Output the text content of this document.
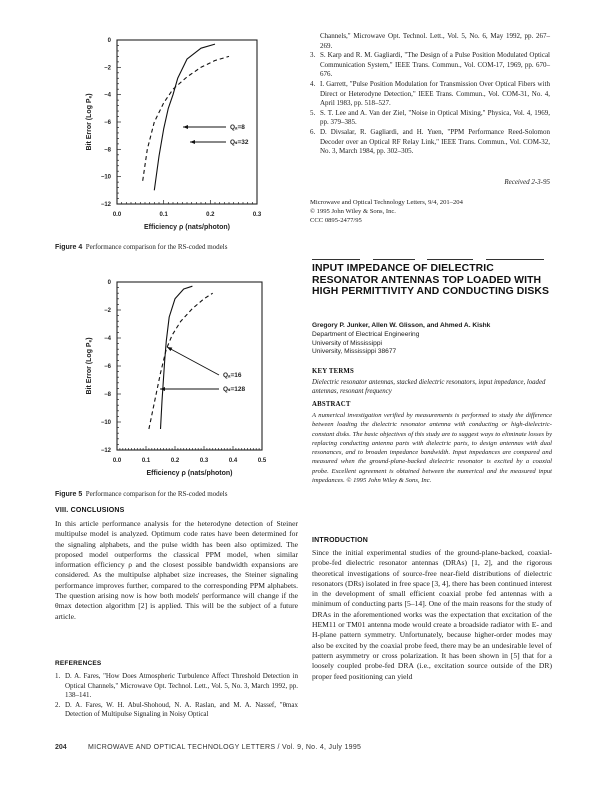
0.0	0.1	0.2	0.3
0
−2
−4
−6
−8
−10
−12
Efficiency ρ (nats/photon)
Bit Error (Log Pₑ)	Qₐ=8
Qₛ=32
Figure 4 Performance comparison for the RS-coded models
0.0	0.1	0.2	0.3	0.4	0.5
0
−2
−4
−6
−8
−10
−12
Efficiency ρ (nats/photon)
Bit Error (Log Pₑ)	Qₐ=16
Qₛ=128
Figure 5 Performance comparison for the RS-coded models
VIII. CONCLUSIONS

In this article performance analysis for the heterodyne detection of Steiner multipulse model is analyzed. Optimum code rates have been determined for the signaling alphabets, and the pulse width has been also optimized. The proposed model outperforms the classical PPM model, when similar information efficiency ρ and the closest possible bandwidth expansions are considered. As the multipulse alphabet size increases, the Steiner signaling performance improves further, compared to the corresponding PPM alphabets. The question arising now is how both models' performance will change if the θmax detection algorithm [2] is applied. This will be the subject of a future article.

REFERENCES
1. D. A. Fares, "How Does Atmospheric Turbulence Affect Threshold Detection in Optical Channels," Microwave Opt. Technol. Lett., Vol. 5, No. 3, March 1992, pp. 138–141.
2. D. A. Fares, W. H. Abul-Shohoud, N. A. Raslan, and M. A. Nassef, "θmax Detection of Multipulse Signaling in Noisy Optical
Channels," Microwave Opt. Technol. Lett., Vol. 5, No. 6, May 1992, pp. 267–269.
3. S. Karp and R. M. Gagliardi, "The Design of a Pulse Position Modulated Optical Communication System," IEEE Trans. Commun., Vol. COM-17, 1969, pp. 670–676.
4. I. Garrett, "Pulse Position Modulation for Transmission Over Optical Fibers with Direct or Heterodyne Detection," IEEE Trans. Commun., Vol. COM-31, No. 4, April 1983, pp. 518–527.
5. S. T. Lee and A. Van der Ziel, "Noise in Optical Mixing," Physica, Vol. 4, 1969, pp. 379–385.
6. D. Divsalar, R. Gagliardi, and H. Yuen, "PPM Performance Reed-Solomon Decoder over an Optical RF Relay Link," IEEE Trans. Commun., Vol. COM-32, No. 3, March 1984, pp. 302–305.
Received 2-3-95
Microwave and Optical Technology Letters, 9/4, 201–204
© 1995 John Wiley & Sons, Inc.
CCC 0895-2477/95
INPUT IMPEDANCE OF DIELECTRIC RESONATOR ANTENNAS TOP LOADED WITH HIGH PERMITTIVITY AND CONDUCTING DISKS
Gregory P. Junker, Allen W. Glisson, and Ahmed A. Kishk
Department of Electrical Engineering
University of Mississippi
University, Mississippi 38677
KEY TERMS
Dielectric resonator antennas, stacked dielectric resonators, input impedance, loaded antennas, resonant frequency
ABSTRACT

A numerical investigation verified by measurements is performed to study the difference between loading the dielectric resonator antenna with conducting or high-dielectric-constant disks. The basic objectives of this study are to suggest ways to eliminate losses by replacing conducting antenna parts with dielectric parts, to design antennas with dual resonances, and to broaden impedance bandwidth. Input impedances are compared and measured when the ground-plane-backed dielectric resonator is excited by a coaxial probe. Excellent agreement is obtained between the numerical and the measured input impedances. © 1995 John Wiley & Sons, Inc.

INTRODUCTION

Since the initial experimental studies of the ground-plane-backed, coaxial-probe-fed dielectric resonator antennas (DRAs) [1, 2], and the rigorous theoretical investigations of source-free near-field distributions of dielectric resonators (DRs) isolated in free space [3, 4], there has been continued interest in the development of small efficient coaxial probe fed antennas with a minimum of conducting parts [5–14]. One of the main reasons for the study of DRAs in the aforementioned works was the expectation that excitation of the HEM11 or TM01 antenna mode would create a broadside radiator with E- and H-plane pattern symmetry. Unfortunately, because higher-order modes may also be excited by the coaxial probe feed, there may be an undesirable level of pattern asymmetry or cross polarization. It has been shown in [5] that for a loosely coupled probe-fed DRA (i.e., excitation source outside of the DR) proper feed positioning can yield

204	MICROWAVE AND OPTICAL TECHNOLOGY LETTERS / Vol. 9, No. 4, July 1995
